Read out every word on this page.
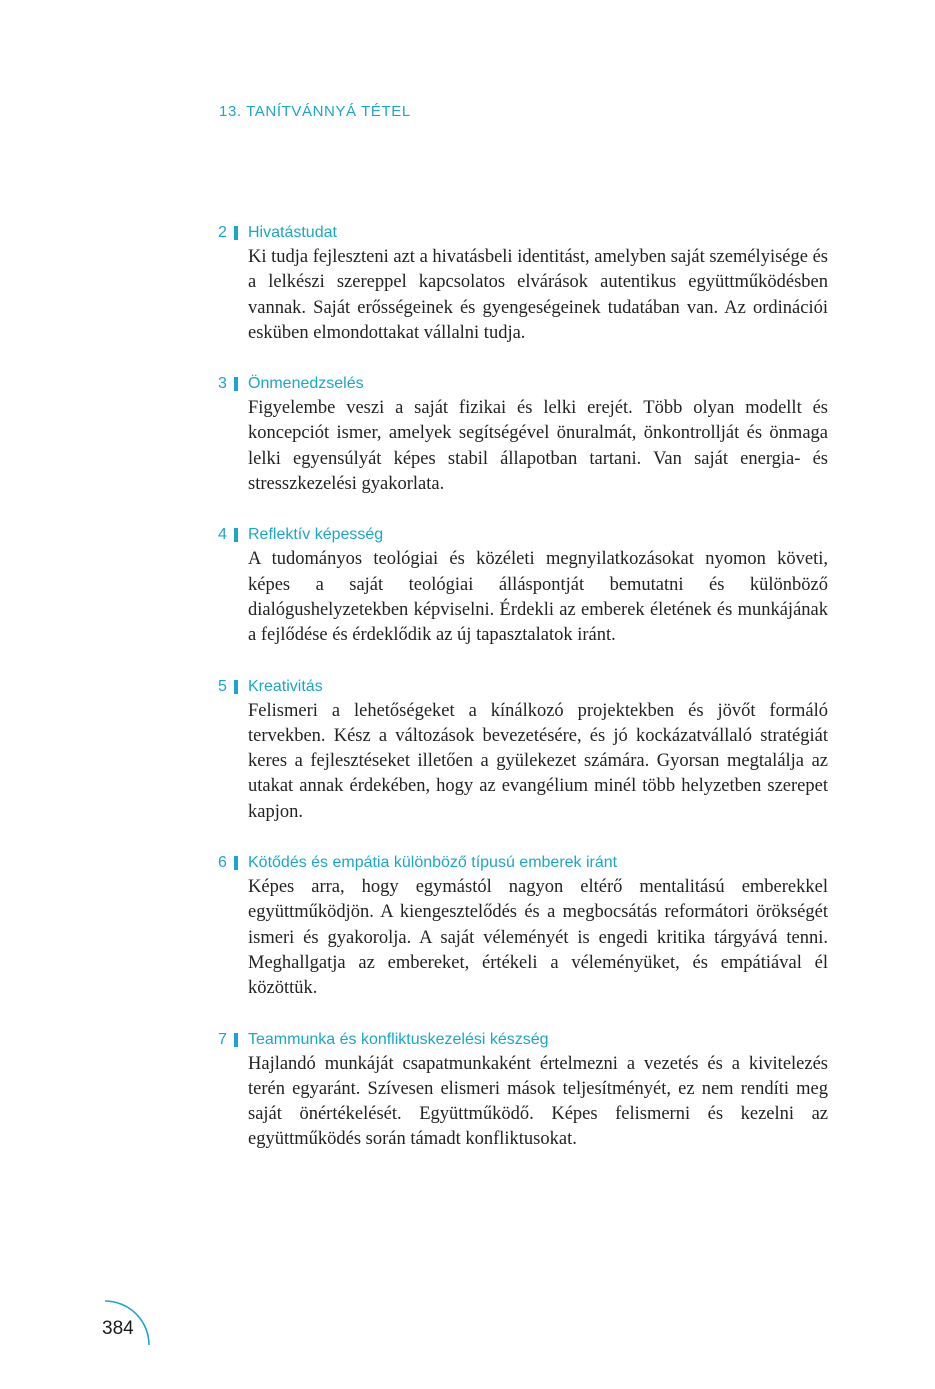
13. TANÍTVÁNNYÁ TÉTEL
2 Hivatástudat
Ki tudja fejleszteni azt a hivatásbeli identitást, amelyben saját személyisége és a lelkészi szereppel kapcsolatos elvárások autentikus együttműködésben vannak. Saját erősségeinek és gyengeségeinek tudatában van. Az ordinációi esküben elmondottakat vállalni tudja.
3 Önmenedzselés
Figyelembe veszi a saját fizikai és lelki erejét. Több olyan modellt és koncepciót ismer, amelyek segítségével önuralmát, önkontrollját és önmaga lelki egyensúlyát képes stabil állapotban tartani. Van saját energia- és stresszkezelési gyakorlata.
4 Reflektív képesség
A tudományos teológiai és közéleti megnyilatkozásokat nyomon követi, képes a saját teológiai álláspontját bemutatni és különböző dialógushelyzetekben képviselni. Érdekli az emberek életének és munkájának a fejlődése és érdeklődik az új tapasztalatok iránt.
5 Kreativitás
Felismeri a lehetőségeket a kínálkozó projektekben és jövőt formáló tervekben. Kész a változások bevezetésére, és jó kockázatvállaló stratégiát keres a fejlesztéseket illetően a gyülekezet számára. Gyorsan megtalálja az utakat annak érdekében, hogy az evangélium minél több helyzetben szerepet kapjon.
6 Kötődés és empátia különböző típusú emberek iránt
Képes arra, hogy egymástól nagyon eltérő mentalitású emberekkel együttműködjön. A kiengesztelődés és a megbocsátás reformátori örökségét ismeri és gyakorolja. A saját véleményét is engedi kritika tárgyává tenni. Meghallgatja az embereket, értékeli a véleményüket, és empátiával él közöttük.
7 Teammunka és konfliktuskezelési készség
Hajlandó munkáját csapatmunkaként értelmezni a vezetés és a kivitelezés terén egyaránt. Szívesen elismeri mások teljesítményét, ez nem rendíti meg saját önértékelését. Együttműködő. Képes felismerni és kezelni az együttműködés során támadt konfliktusokat.
384
